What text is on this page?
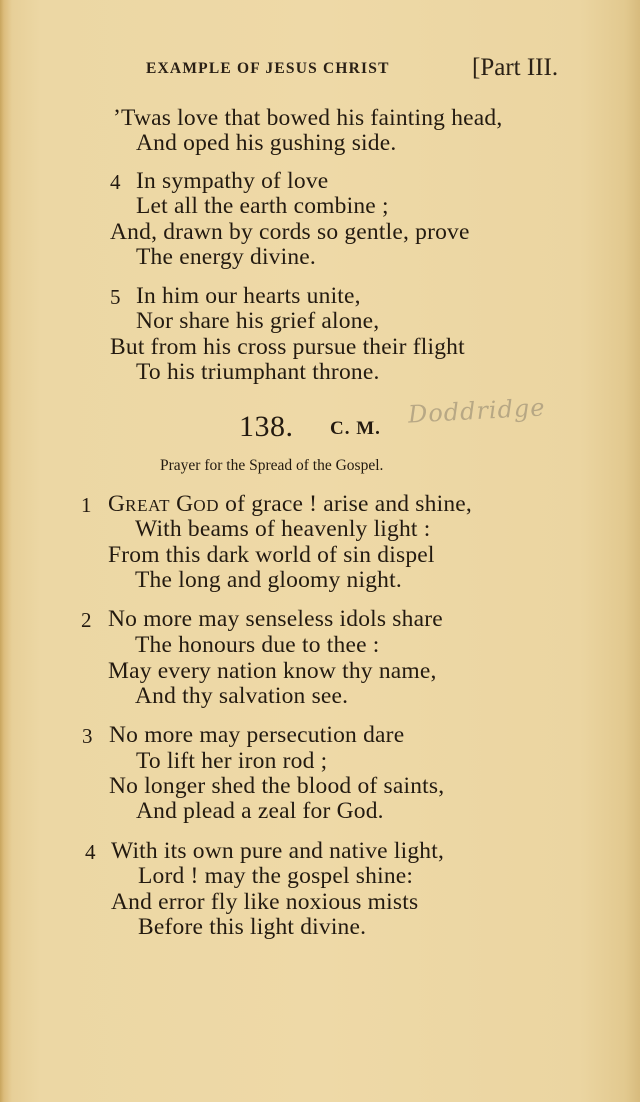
EXAMPLE OF JESUS CHRIST	[Part III.
’Twas love that bowed his fainting head,
And oped his gushing side.
4 In sympathy of love
Let all the earth combine ;
And, drawn by cords so gentle, prove
The energy divine.
5 In him our hearts unite,
Nor share his grief alone,
But from his cross pursue their flight
To his triumphant throne.
138. C. M. Doddridge
Prayer for the Spread of the Gospel.
1 GREAT GOD of grace ! arise and shine,
With beams of heavenly light :
From this dark world of sin dispel
The long and gloomy night.
2 No more may senseless idols share
The honours due to thee :
May every nation know thy name,
And thy salvation see.
3 No more may persecution dare
To lift her iron rod ;
No longer shed the blood of saints,
And plead a zeal for God.
4 With its own pure and native light,
Lord ! may the gospel shine:
And error fly like noxious mists
Before this light divine.
